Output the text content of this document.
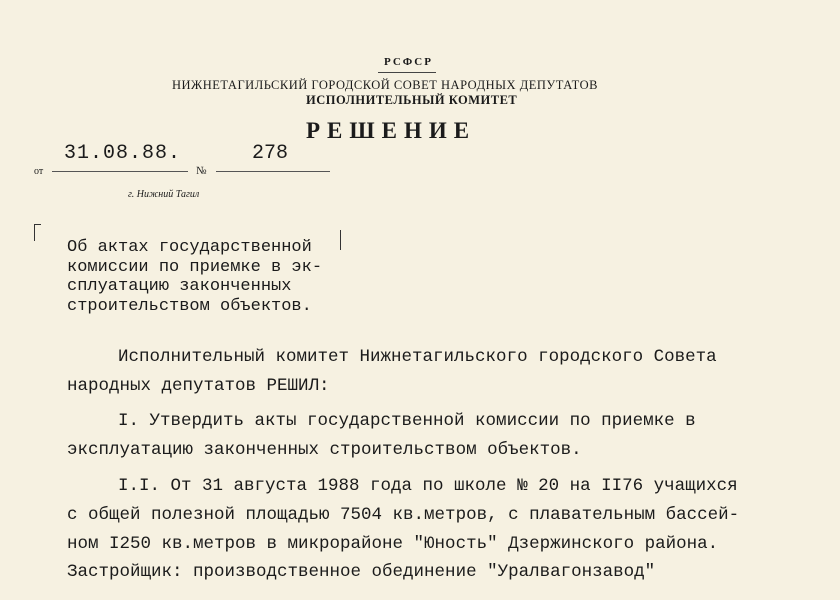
РСФСР
НИЖНЕТАГИЛЬСКИЙ ГОРОДСКОЙ СОВЕТ НАРОДНЫХ ДЕПУТАТОВ
ИСПОЛНИТЕЛЬНЫЙ КОМИТЕТ
РЕШЕНИЕ
от
31.08.88.
№
278
г. Нижний Тагил
Об актах государственной
комиссии по приемке в эк-
сплуатацию законченных
строительством объектов.
Исполнительный комитет Нижнетагильского городского Совета
народных депутатов РЕШИЛ:
I. Утвердить акты государственной комиссии по приемке в
эксплуатацию законченных строительством объектов.
I.I. От 31 августа 1988 года по школе № 20 на II76 учащихся
с общей полезной площадью 7504 кв.метров, с плавательным бассей-
ном I250 кв.метров в микрорайоне "Юность" Дзержинского района.
Застройщик: производственное обединение "Уралвагонзавод"
